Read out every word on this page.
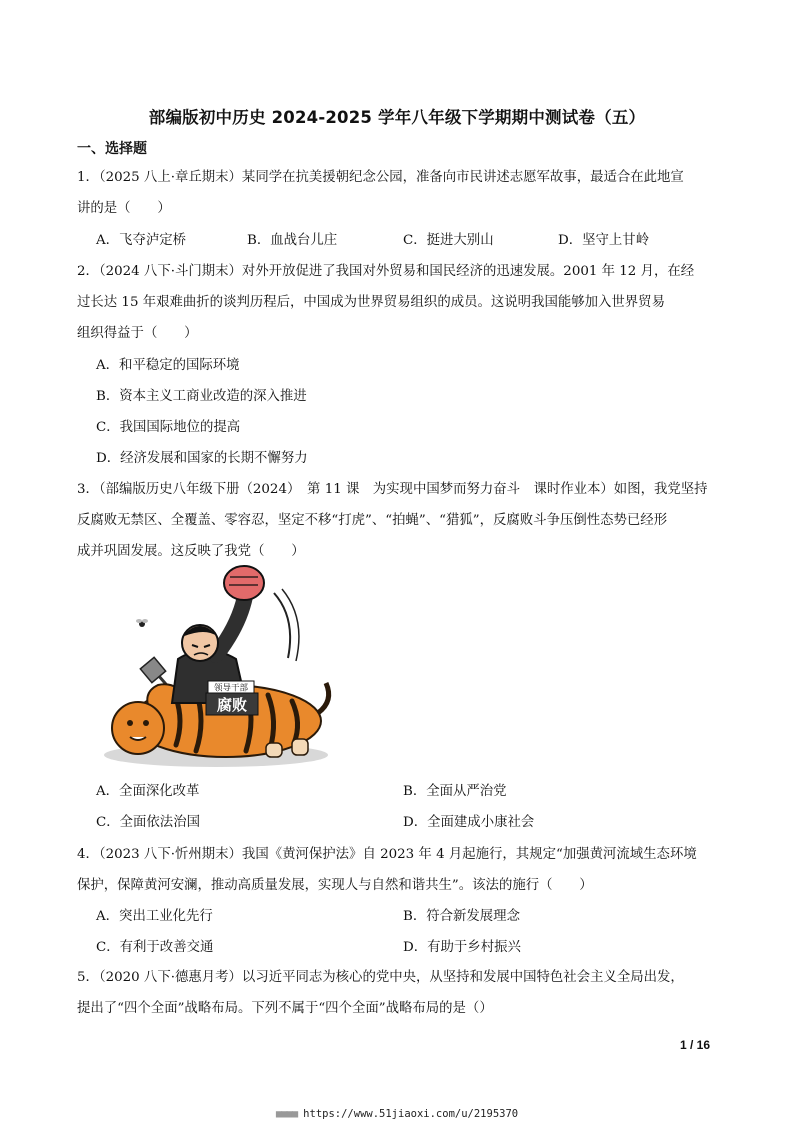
部编版初中历史 2024-2025 学年八年级下学期期中测试卷（五）
一、选择题
1．（2025 八上·章丘期末）某同学在抗美援朝纪念公园，准备向市民讲述志愿军故事，最适合在此地宣
讲的是（　　）
A．飞夺泸定桥	B．血战台儿庄	C．挺进大别山	D．坚守上甘岭
2．（2024 八下·斗门期末）对外开放促进了我国对外贸易和国民经济的迅速发展。2001 年 12 月，在经
过长达 15 年艰难曲折的谈判历程后，中国成为世界贸易组织的成员。这说明我国能够加入世界贸易
组织得益于（　　）
A．和平稳定的国际环境
B．资本主义工商业改造的深入推进
C．我国国际地位的提高
D．经济发展和国家的长期不懈努力
3．（部编版历史八年级下册（2024）　第 11 课　为实现中国梦而努力奋斗　课时作业本）如图，我党坚持
反腐败无禁区、全覆盖、零容忍，坚定不移“打虎”、“拍蝇”、“猎狐”，反腐败斗争压倒性态势已经形
成并巩固发展。这反映了我党（　　）
领导干部
腐败
A．全面深化改革	B．全面从严治党
C．全面依法治国	D．全面建成小康社会
4．（2023 八下·忻州期末）我国《黄河保护法》自 2023 年 4 月起施行，其规定“加强黄河流域生态环境
保护，保障黄河安澜，推动高质量发展，实现人与自然和谐共生”。该法的施行（　　）
A．突出工业化先行	B．符合新发展理念
C．有利于改善交通	D．有助于乡村振兴
5．（2020 八下·德惠月考）以习近平同志为核心的党中央，从坚持和发展中国特色社会主义全局出发，
提出了“四个全面”战略布局。下列不属于“四个全面”战略布局的是（）
1 / 16
■■■■ https://www.51jiaoxi.com/u/2195370
